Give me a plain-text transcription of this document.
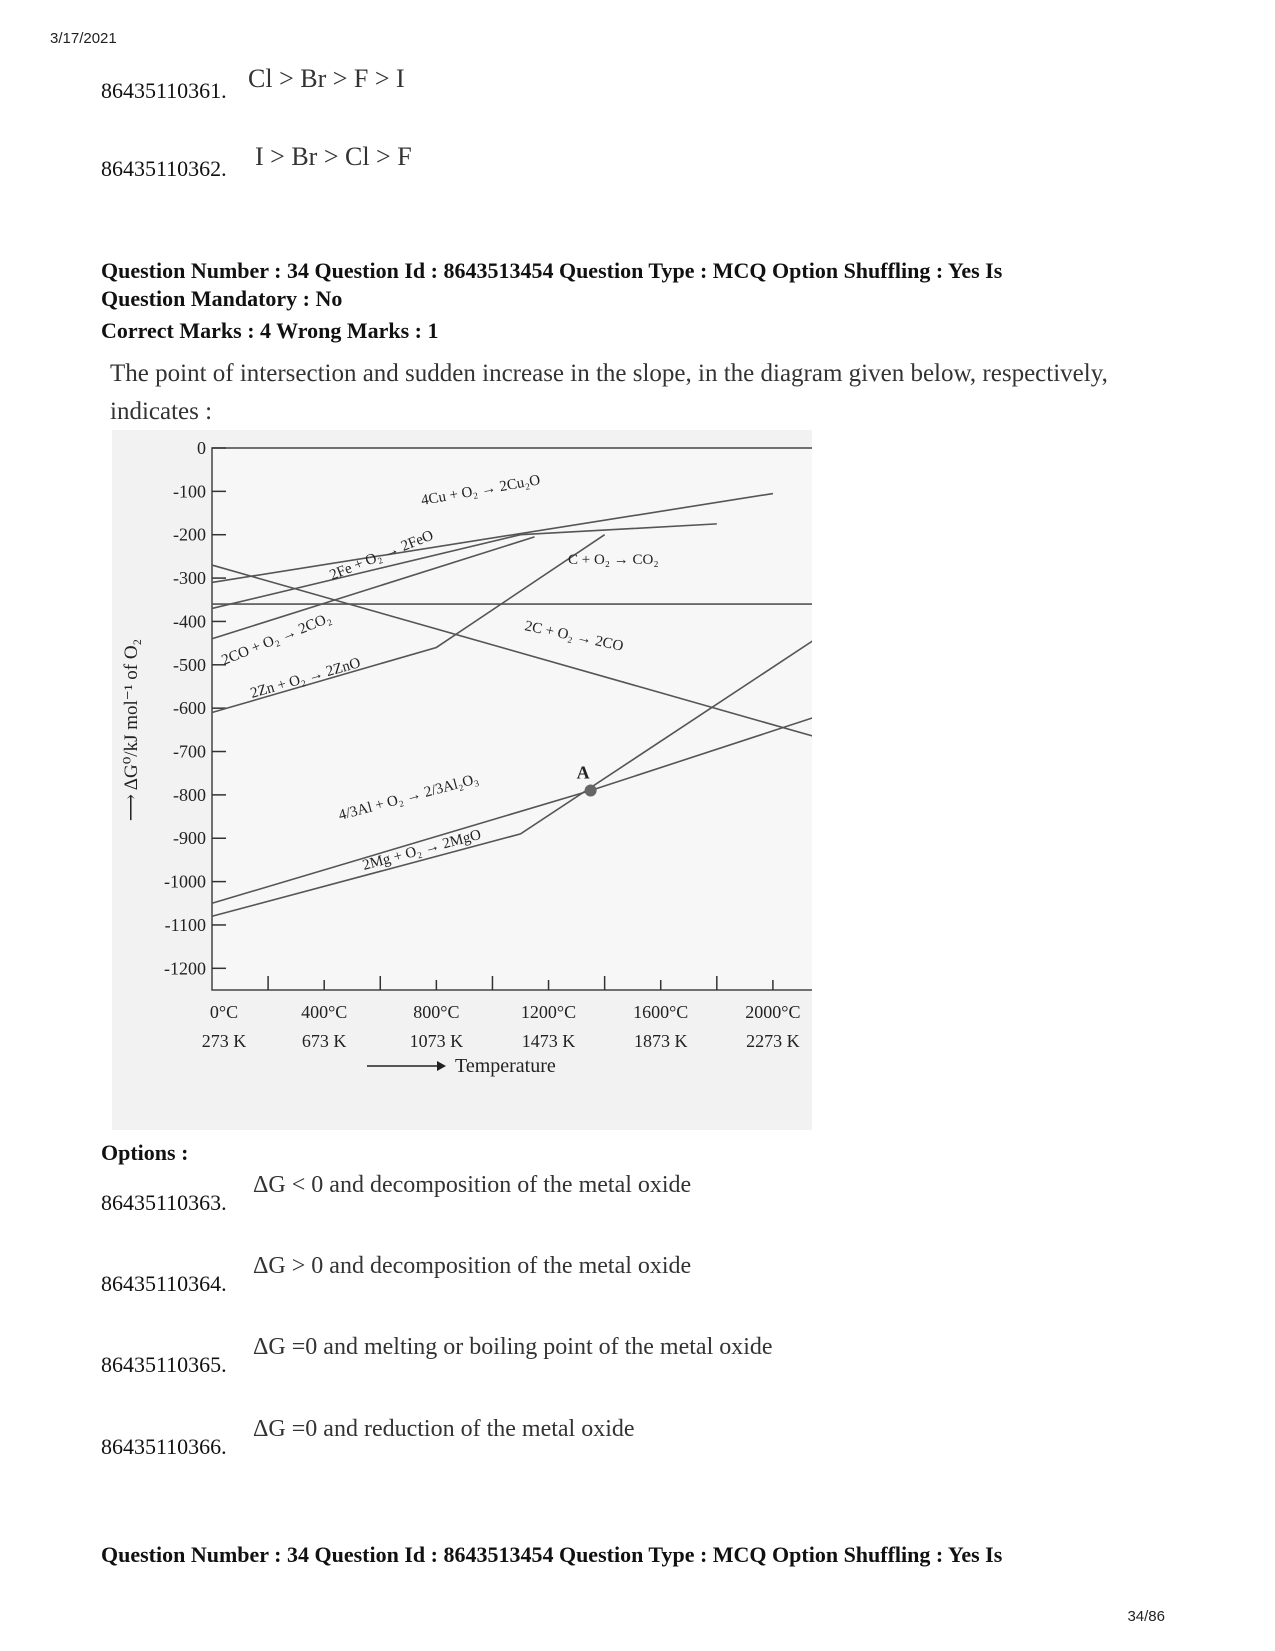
3/17/2021
86435110361. Cl > Br > F > I
86435110362. I > Br > Cl > F
Question Number : 34 Question Id : 8643513454 Question Type : MCQ Option Shuffling : Yes Is
Question Mandatory : No
Correct Marks : 4 Wrong Marks : 1
The point of intersection and sudden increase in the slope, in the diagram given below, respectively, indicates :
0
-100
-200
-300
-400
-500
-600
-700
-800
-900
-1000
-1100
-1200
0°C
273 K
400°C
673 K
800°C
1073 K
1200°C
1473 K
1600°C
1873 K
2000°C
2273 K
4Cu + O₂ → 2Cu₂O
2Fe + O₂ → 2FeO	C + O₂ → CO₂
2CO + O₂ → 2CO₂	2C + O₂ → 2CO
2Zn + O₂ → 2ZnO
4/3Al + O₂ → 2/3Al₂O₃
2Mg + O₂ → 2MgO
A
⟶ ΔG⁰/kJ mol⁻¹ of O₂
Temperature
Options :
86435110363.
ΔG < 0 and decomposition of the metal oxide
86435110364.
ΔG > 0 and decomposition of the metal oxide
86435110365.
ΔG =0 and melting or boiling point of the metal oxide
86435110366.
ΔG =0 and reduction of the metal oxide
Question Number : 34 Question Id : 8643513454 Question Type : MCQ Option Shuffling : Yes Is
34/86
